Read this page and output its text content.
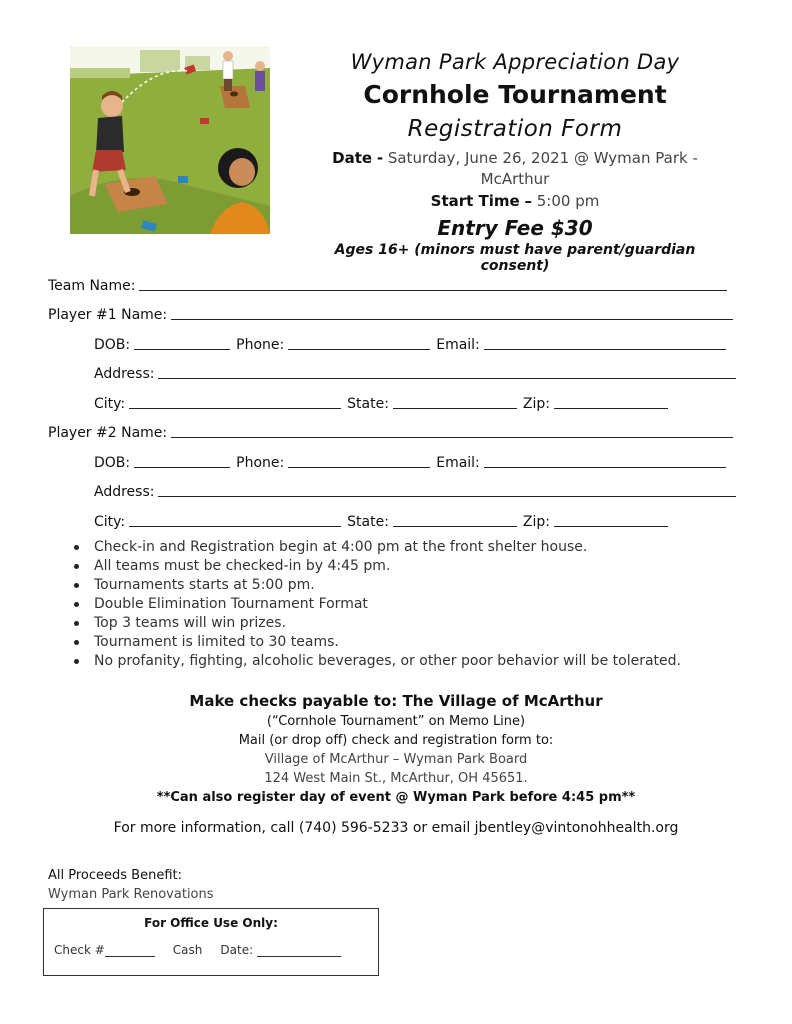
Wyman Park Appreciation Day
Cornhole Tournament
Registration Form
Date - Saturday, June 26, 2021 @ Wyman Park - McArthur
Start Time – 5:00 pm
Entry Fee $30
Ages 16+ (minors must have parent/guardian consent)
Team Name:
Player #1 Name:
DOB:	Phone:	Email:
Address:
City:	State:	Zip:
Player #2 Name:
DOB:	Phone:	Email:
Address:
City:	State:	Zip:
Check-in and Registration begin at 4:00 pm at the front shelter house.
All teams must be checked-in by 4:45 pm.
Tournaments starts at 5:00 pm.
Double Elimination Tournament Format
Top 3 teams will win prizes.
Tournament is limited to 30 teams.
No profanity, fighting, alcoholic beverages, or other poor behavior will be tolerated.
Make checks payable to: The Village of McArthur
(“Cornhole Tournament” on Memo Line)
Mail (or drop off) check and registration form to:
Village of McArthur – Wyman Park Board
124 West Main St., McArthur, OH 45651.
**Can also register day of event @ Wyman Park before 4:45 pm**
For more information, call (740) 596-5233 or email jbentley@vintonohhealth.org
All Proceeds Benefit:
Wyman Park Renovations
For Office Use Only:
Check #	Cash Date:
